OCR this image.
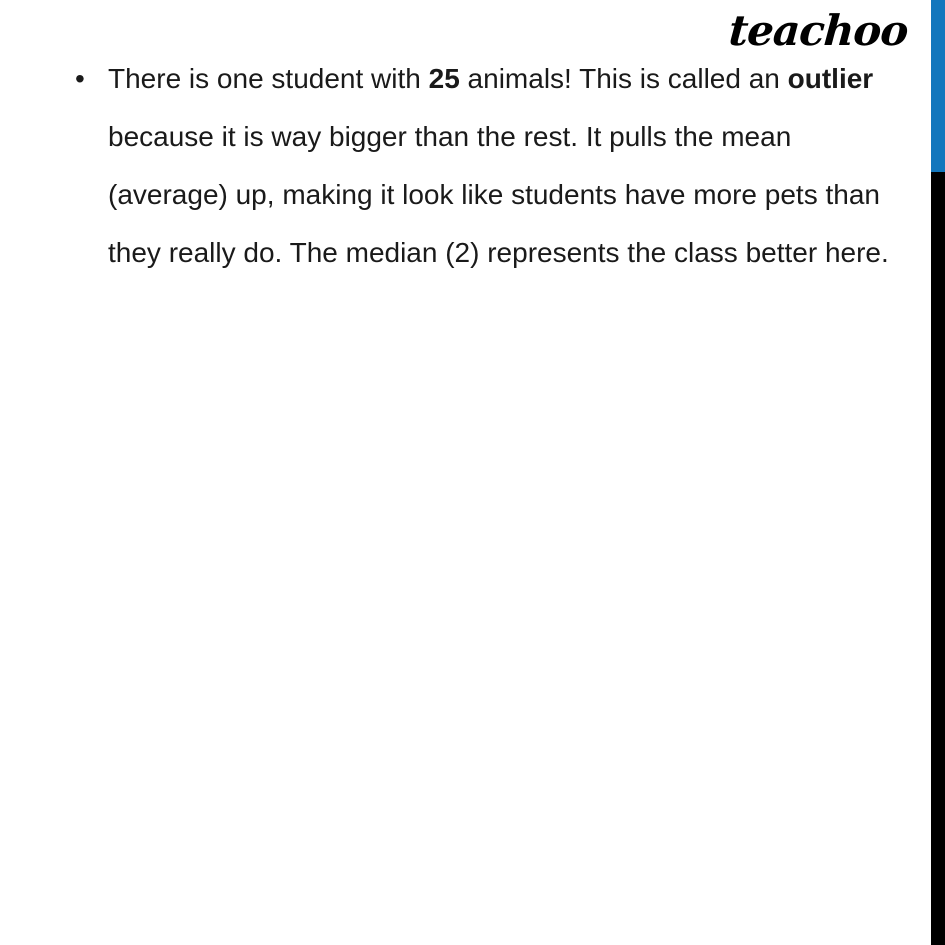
teachoo
• There is one student with 25 animals! This is called an outlier because it is way bigger than the rest. It pulls the mean (average) up, making it look like students have more pets than they really do. The median (2) represents the class better here.
